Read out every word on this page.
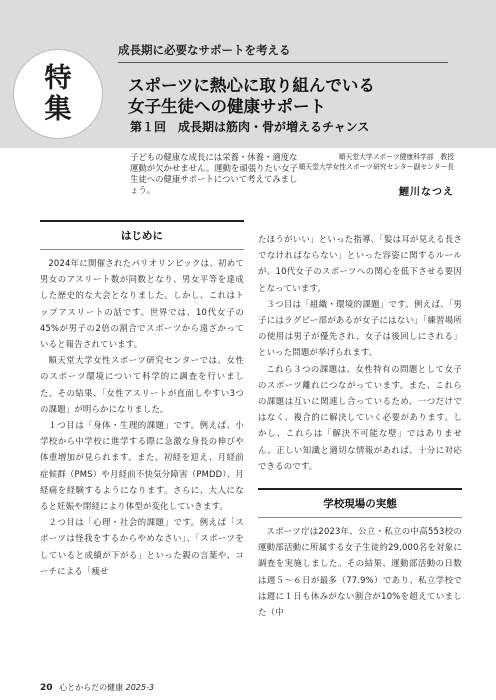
成長期に必要なサポートを考える
特
集
スポーツに熱心に取り組んでいる
女子生徒への健康サポート
第１回　成長期は筋肉・骨が増えるチャンス
子どもの健康な成長には栄養・休養・適度な運動が欠かせません。運動を頑張りたい女子生徒への健康サポートについて考えてみましょう。
順天堂大学スポーツ健康科学部　教授
順天堂大学女性スポーツ研究センター副センター長
鯉川なつえ
はじめに

2024年に開催されたパリオリンピックは、初めて男女のアスリート数が同数となり、男女平等を達成した歴史的な大会となりました。しかし、これはトップアスリートの話です。世界では、10代女子の45%が男子の2倍の割合でスポーツから遠ざかっていると報告されています。

順天堂大学女性スポーツ研究センターでは、女性のスポーツ環境について科学的に調査を行いました。その結果、「女性アスリートが直面しやすい3つの課題」が明らかになりました。

１つ目は「身体・生理的課題」です。例えば、小学校から中学校に進学する際に急激な身長の伸びや体重増加が見られます。また、初経を迎え、月経前症候群（PMS）や月経前不快気分障害（PMDD）、月経痛を経験するようになります。さらに、大人になると妊娠や閉経により体型が変化していきます。

２つ目は「心理・社会的課題」です。例えば「スポーツは怪我をするからやめなさい」、「スポーツをしていると成績が下がる」といった親の言葉や、コーチによる「痩せ

たほうがいい」といった指導、「髪は耳が見える長さでなければならない」といった容姿に関するルールが、10代女子のスポーツへの関心を低下させる要因となっています。

３つ目は「組織・環境的課題」です。例えば、「男子にはラグビー部があるが女子にはない」「練習場所の使用は男子が優先され、女子は後回しにされる」といった問題が挙げられます。

これら３つの課題は、女性特有の問題として女子のスポーツ離れにつながっています。また、これらの課題は互いに関連し合っているため、一つだけではなく、複合的に解決していく必要があります。しかし、これらは「解決不可能な壁」ではありません。正しい知識と適切な情報があれば、十分に対応できるのです。

学校現場の実態

スポーツ庁は2023年、公立・私立の中高553校の運動部活動に所属する女子生徒約29,000名を対象に調査を実施しました。その結果、運動部活動の日数は週５〜６日が最多（77.9%）であり、私立学校では週に１日も休みがない割合が10%を超えていました（中

20 心とからだの健康 2025-3
